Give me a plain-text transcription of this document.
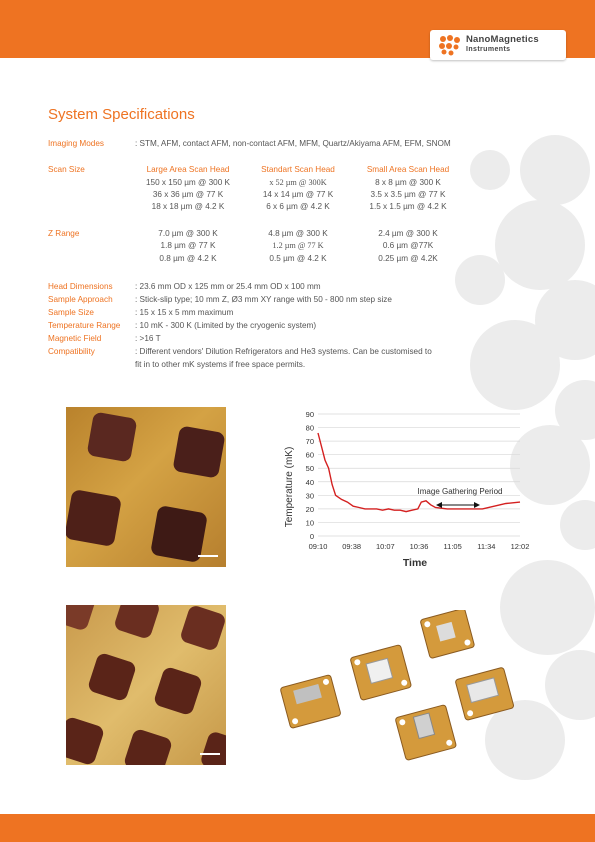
NanoMagnetics
Instruments
System Specifications
Imaging Modes	: STM, AFM, contact AFM, non-contact AFM, MFM, Quartz/Akiyama AFM, EFM, SNOM
Scan Size	Large Area Scan Head	Standart Scan Head	Small Area Scan Head
150 x 150 µm @ 300 K	x 52 µm @ 300K	8 x 8 µm @ 300 K
36 x 36 µm @ 77 K	14 x 14 µm @ 77 K	3.5 x 3.5 µm @ 77 K
18 x 18 µm @ 4.2 K	6 x 6 µm @ 4.2 K	1.5 x 1.5 µm @ 4.2 K
Z Range	7.0 µm @ 300 K	4.8 µm @ 300 K	2.4 µm @ 300 K
1.8 µm @ 77 K	1.2 µm @ 77 K	0.6 µm @77K
0.8 µm @ 4.2 K	0.5 µm @ 4.2 K	0.25 µm @ 4.2K
Head Dimensions	: 23.6 mm OD x 125 mm or 25.4 mm OD x 100 mm
Sample Approach	: Stick-slip type; 10 mm Z, Ø3 mm XY range with 50 - 800 nm step size
Sample Size	: 15 x 15 x 5 mm maximum
Temperature Range : 10 mK - 300 K (Limited by the cryogenic system)
Magnetic Field	: >16 T
Compatibility	: Different vendors' Dilution Refrigerators and He3 systems. Can be customised to
fit in to other mK systems if free space permits.
0
10
20
30
40
50
60
70
80
90
09:10 09:38 10:07 10:36 11:05 11:34 12:02
Temperature (mK)
Time
Image Gathering Period
